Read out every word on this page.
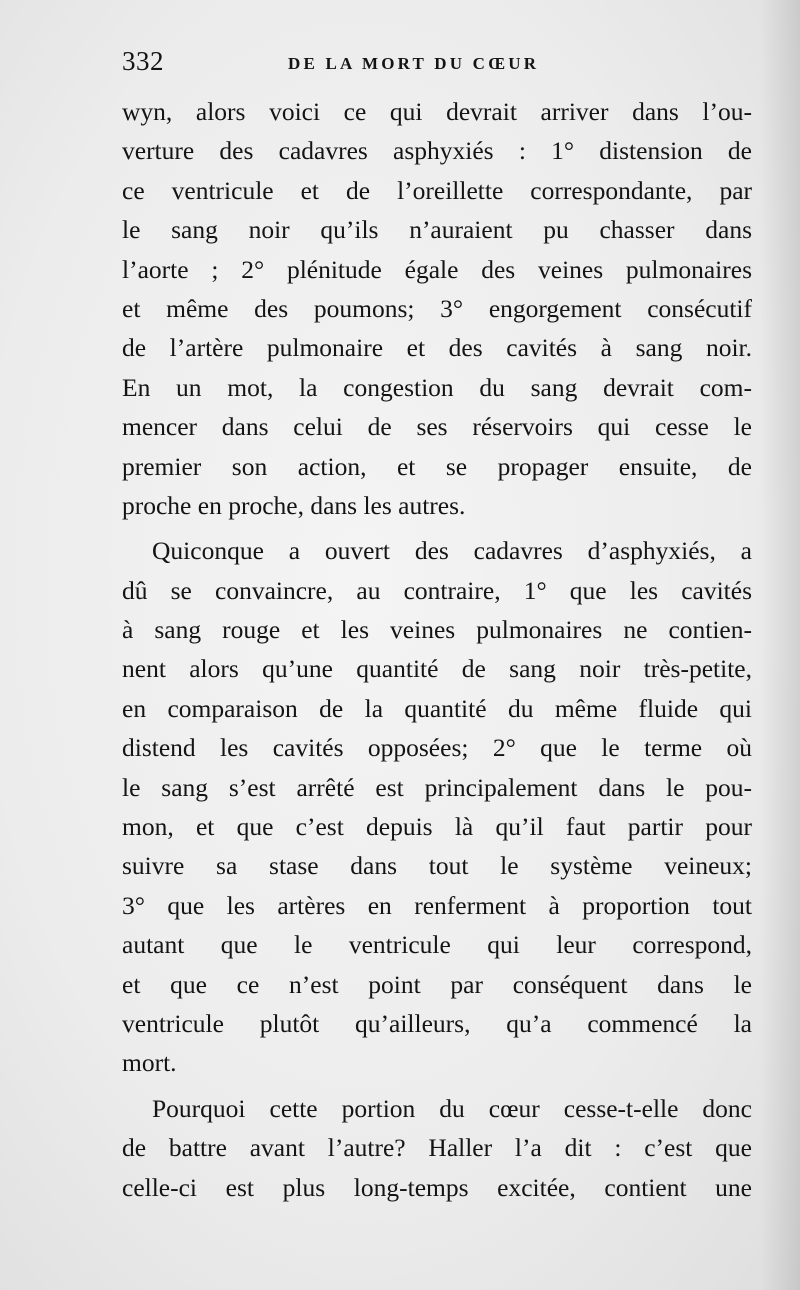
332	DE LA MORT DU CŒUR
wyn, alors voici ce qui devrait arriver dans l’ou-
verture des cadavres asphyxiés : 1° distension de
ce ventricule et de l’oreillette correspondante, par
le sang noir qu’ils n’auraient pu chasser dans
l’aorte ; 2° plénitude égale des veines pulmonaires
et même des poumons; 3° engorgement consécutif
de l’artère pulmonaire et des cavités à sang noir.
En un mot, la congestion du sang devrait com-
mencer dans celui de ses réservoirs qui cesse le
premier son action, et se propager ensuite, de
proche en proche, dans les autres.
Quiconque a ouvert des cadavres d’asphyxiés, a
dû se convaincre, au contraire, 1° que les cavités
à sang rouge et les veines pulmonaires ne contien-
nent alors qu’une quantité de sang noir très-petite,
en comparaison de la quantité du même fluide qui
distend les cavités opposées; 2° que le terme où
le sang s’est arrêté est principalement dans le pou-
mon, et que c’est depuis là qu’il faut partir pour
suivre sa stase dans tout le système veineux;
3° que les artères en renferment à proportion tout
autant que le ventricule qui leur correspond,
et que ce n’est point par conséquent dans le
ventricule plutôt qu’ailleurs, qu’a commencé la
mort.
Pourquoi cette portion du cœur cesse-t-elle donc
de battre avant l’autre? Haller l’a dit : c’est que
celle-ci est plus long-temps excitée, contient une
